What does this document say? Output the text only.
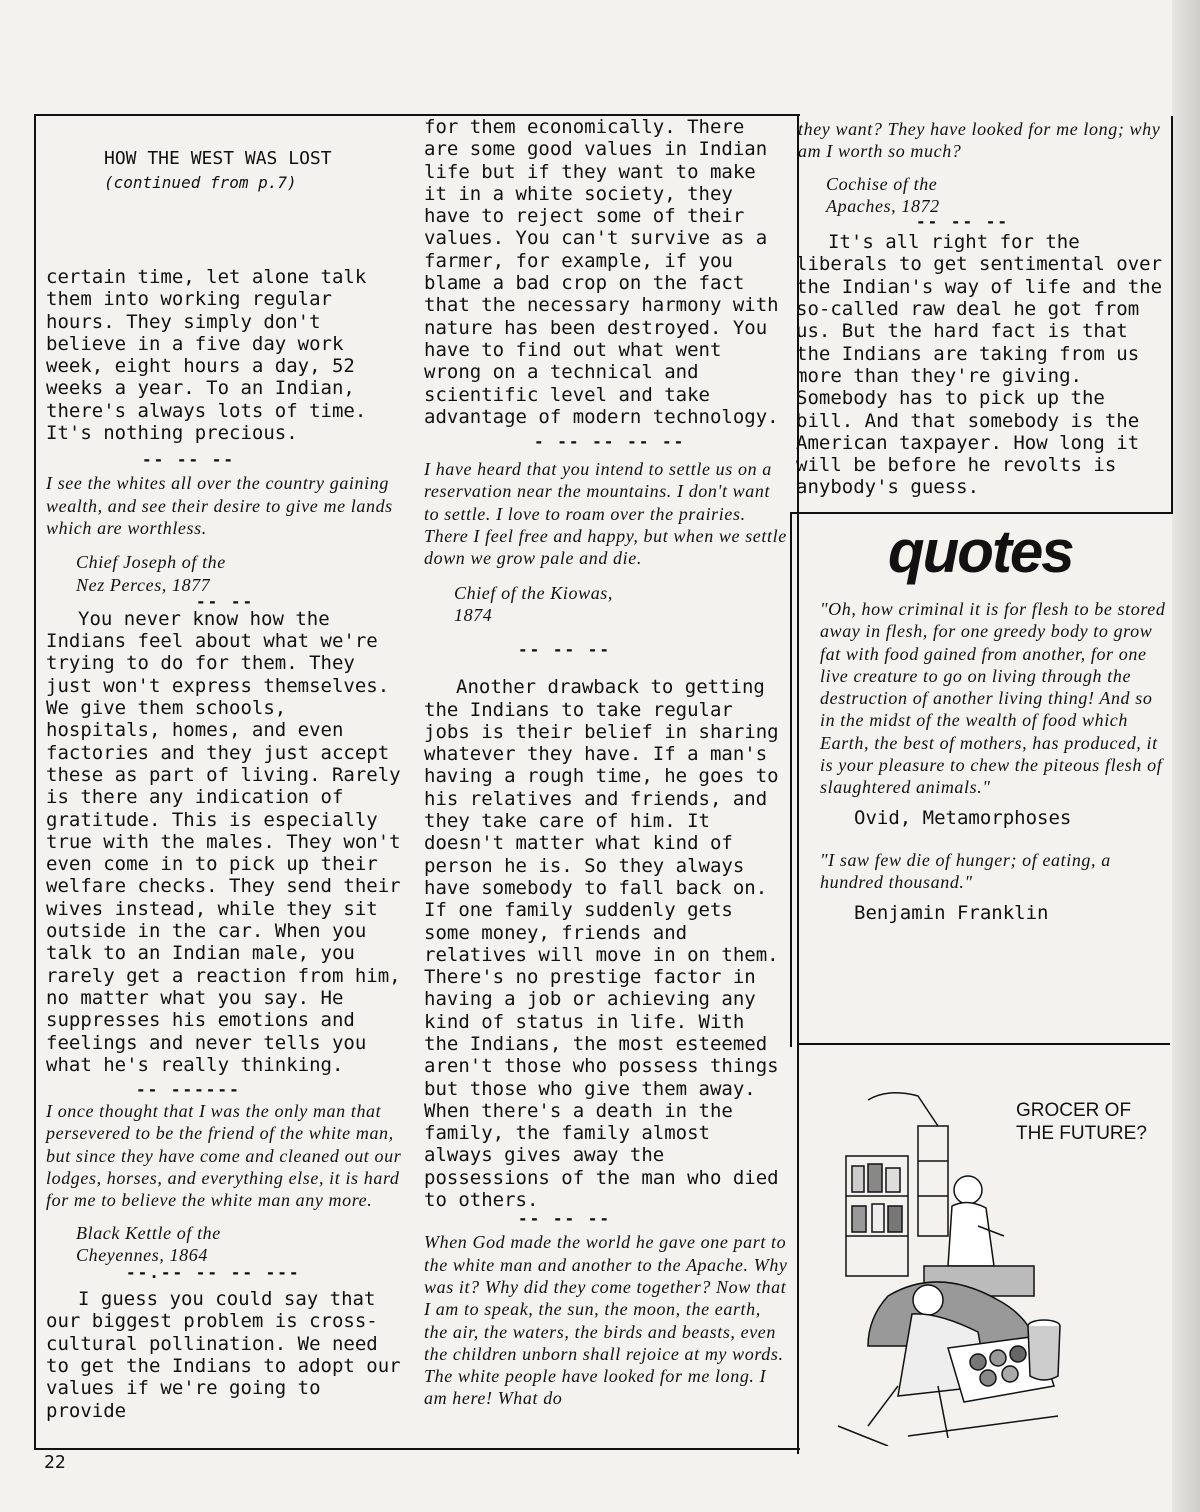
HOW THE WEST WAS LOST
(continued from p.7)

certain time, let alone talk them into working regular hours. They simply don't believe in a five day work week, eight hours a day, 52 weeks a year. To an Indian, there's always lots of time. It's nothing precious.

-- -- --

I see the whites all over the country gaining wealth, and see their desire to give me lands which are worthless.

Chief Joseph of the

Nez Perces, 1877

-- --

You never know how the Indians feel about what we're trying to do for them. They just won't express themselves. We give them schools, hospitals, homes, and even factories and they just accept these as part of living. Rarely is there any indication of gratitude. This is especially true with the males. They won't even come in to pick up their welfare checks. They send their wives instead, while they sit outside in the car. When you talk to an Indian male, you rarely get a reaction from him, no matter what you say. He suppresses his emotions and feelings and never tells you what he's really thinking.

-- ------

I once thought that I was the only man that persevered to be the friend of the white man, but since they have come and cleaned out our lodges, horses, and everything else, it is hard for me to believe the white man any more.

Black Kettle of the

Cheyennes, 1864

--.-- -- -- ---

I guess you could say that our biggest problem is cross-cultural pollination. We need to get the Indians to adopt our values if we're going to provide

for them economically. There are some good values in Indian life but if they want to make it in a white society, they have to reject some of their values. You can't survive as a farmer, for example, if you blame a bad crop on the fact that the necessary harmony with nature has been destroyed. You have to find out what went wrong on a technical and scientific level and take advantage of modern technology.

- -- -- -- --

I have heard that you intend to settle us on a reservation near the mountains. I don't want to settle. I love to roam over the prairies. There I feel free and happy, but when we settle down we grow pale and die.

Chief of the Kiowas,

1874

-- -- --

Another drawback to getting the Indians to take regular jobs is their belief in sharing whatever they have. If a man's having a rough time, he goes to his relatives and friends, and they take care of him. It doesn't matter what kind of person he is. So they always have somebody to fall back on. If one family suddenly gets some money, friends and relatives will move in on them. There's no prestige factor in having a job or achieving any kind of status in life. With the Indians, the most esteemed aren't those who possess things but those who give them away. When there's a death in the family, the family almost always gives away the possessions of the man who died to others.

-- -- --

When God made the world he gave one part to the white man and another to the Apache. Why was it? Why did they come together? Now that I am to speak, the sun, the moon, the earth, the air, the waters, the birds and beasts, even the children unborn shall rejoice at my words. The white people have looked for me long. I am here! What do

they want? They have looked for me long; why am I worth so much?

Cochise of the

Apaches, 1872

-- -- --

It's all right for the liberals to get sentimental over the Indian's way of life and the so-called raw deal he got from us. But the hard fact is that the Indians are taking from us more than they're giving. Somebody has to pick up the bill. And that somebody is the American taxpayer. How long it will be before he revolts is anybody's guess.

quotes

"Oh, how criminal it is for flesh to be stored away in flesh, for one greedy body to grow fat with food gained from another, for one live creature to go on living through the destruction of another living thing! And so in the midst of the wealth of food which Earth, the best of mothers, has produced, it is your pleasure to chew the piteous flesh of slaughtered animals."

Ovid, Metamorphoses

"I saw few die of hunger; of eating, a hundred thousand."

Benjamin Franklin

GROCER OF
THE FUTURE?
22
